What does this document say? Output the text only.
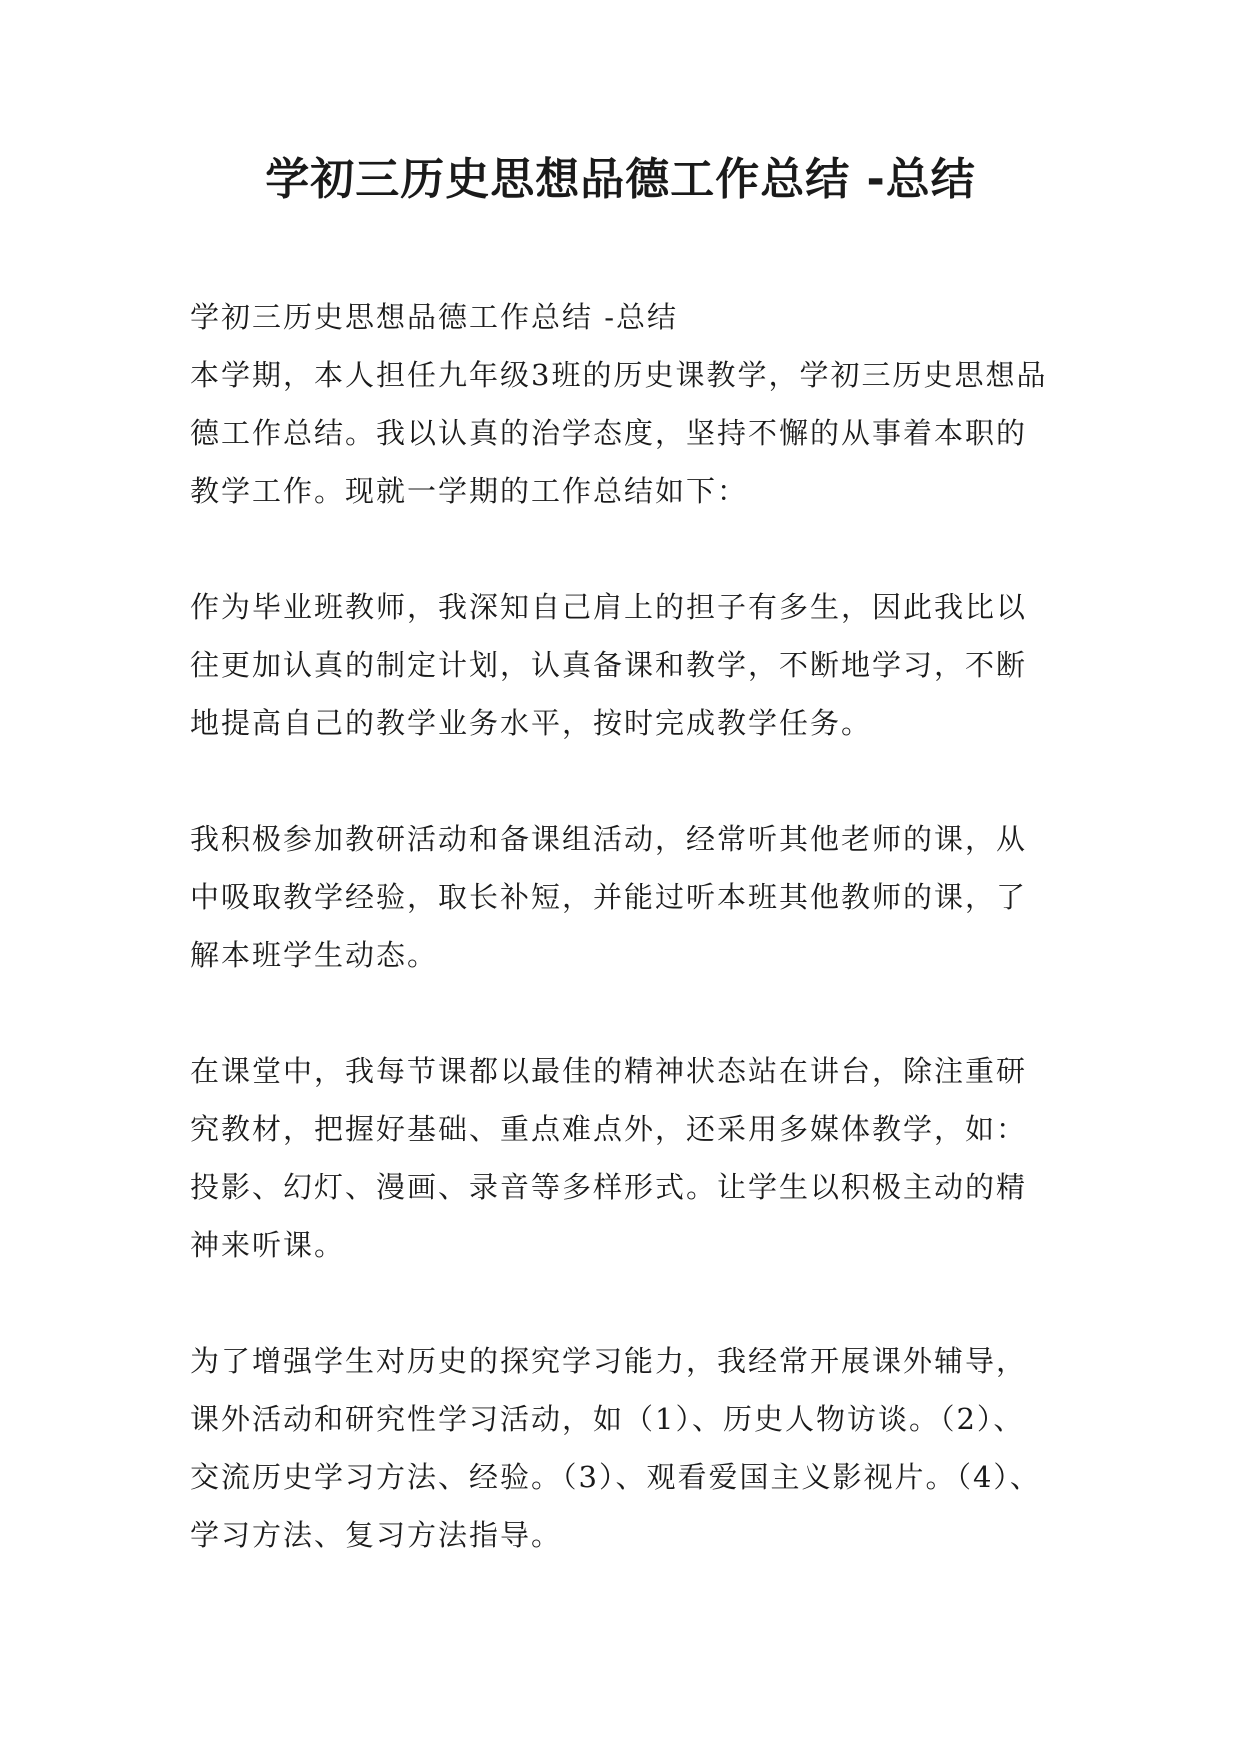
学初三历史思想品德工作总结 -总结

学初三历史思想品德工作总结 -总结

本学期，本人担任九年级3班的历史课教学，学初三历史思想品德工作总结。我以认真的治学态度，坚持不懈的从事着本职的教学工作。现就一学期的工作总结如下：

作为毕业班教师，我深知自己肩上的担子有多生，因此我比以往更加认真的制定计划，认真备课和教学，不断地学习，不断地提高自己的教学业务水平，按时完成教学任务。

我积极参加教研活动和备课组活动，经常听其他老师的课，从中吸取教学经验，取长补短，并能过听本班其他教师的课，了解本班学生动态。

在课堂中，我每节课都以最佳的精神状态站在讲台，除注重研究教材，把握好基础、重点难点外，还采用多媒体教学，如：投影、幻灯、漫画、录音等多样形式。让学生以积极主动的精神来听课。

为了增强学生对历史的探究学习能力，我经常开展课外辅导，课外活动和研究性学习活动，如（1）、历史人物访谈。（2）、交流历史学习方法、经验。（3）、观看爱国主义影视片。（4）、学习方法、复习方法指导。
